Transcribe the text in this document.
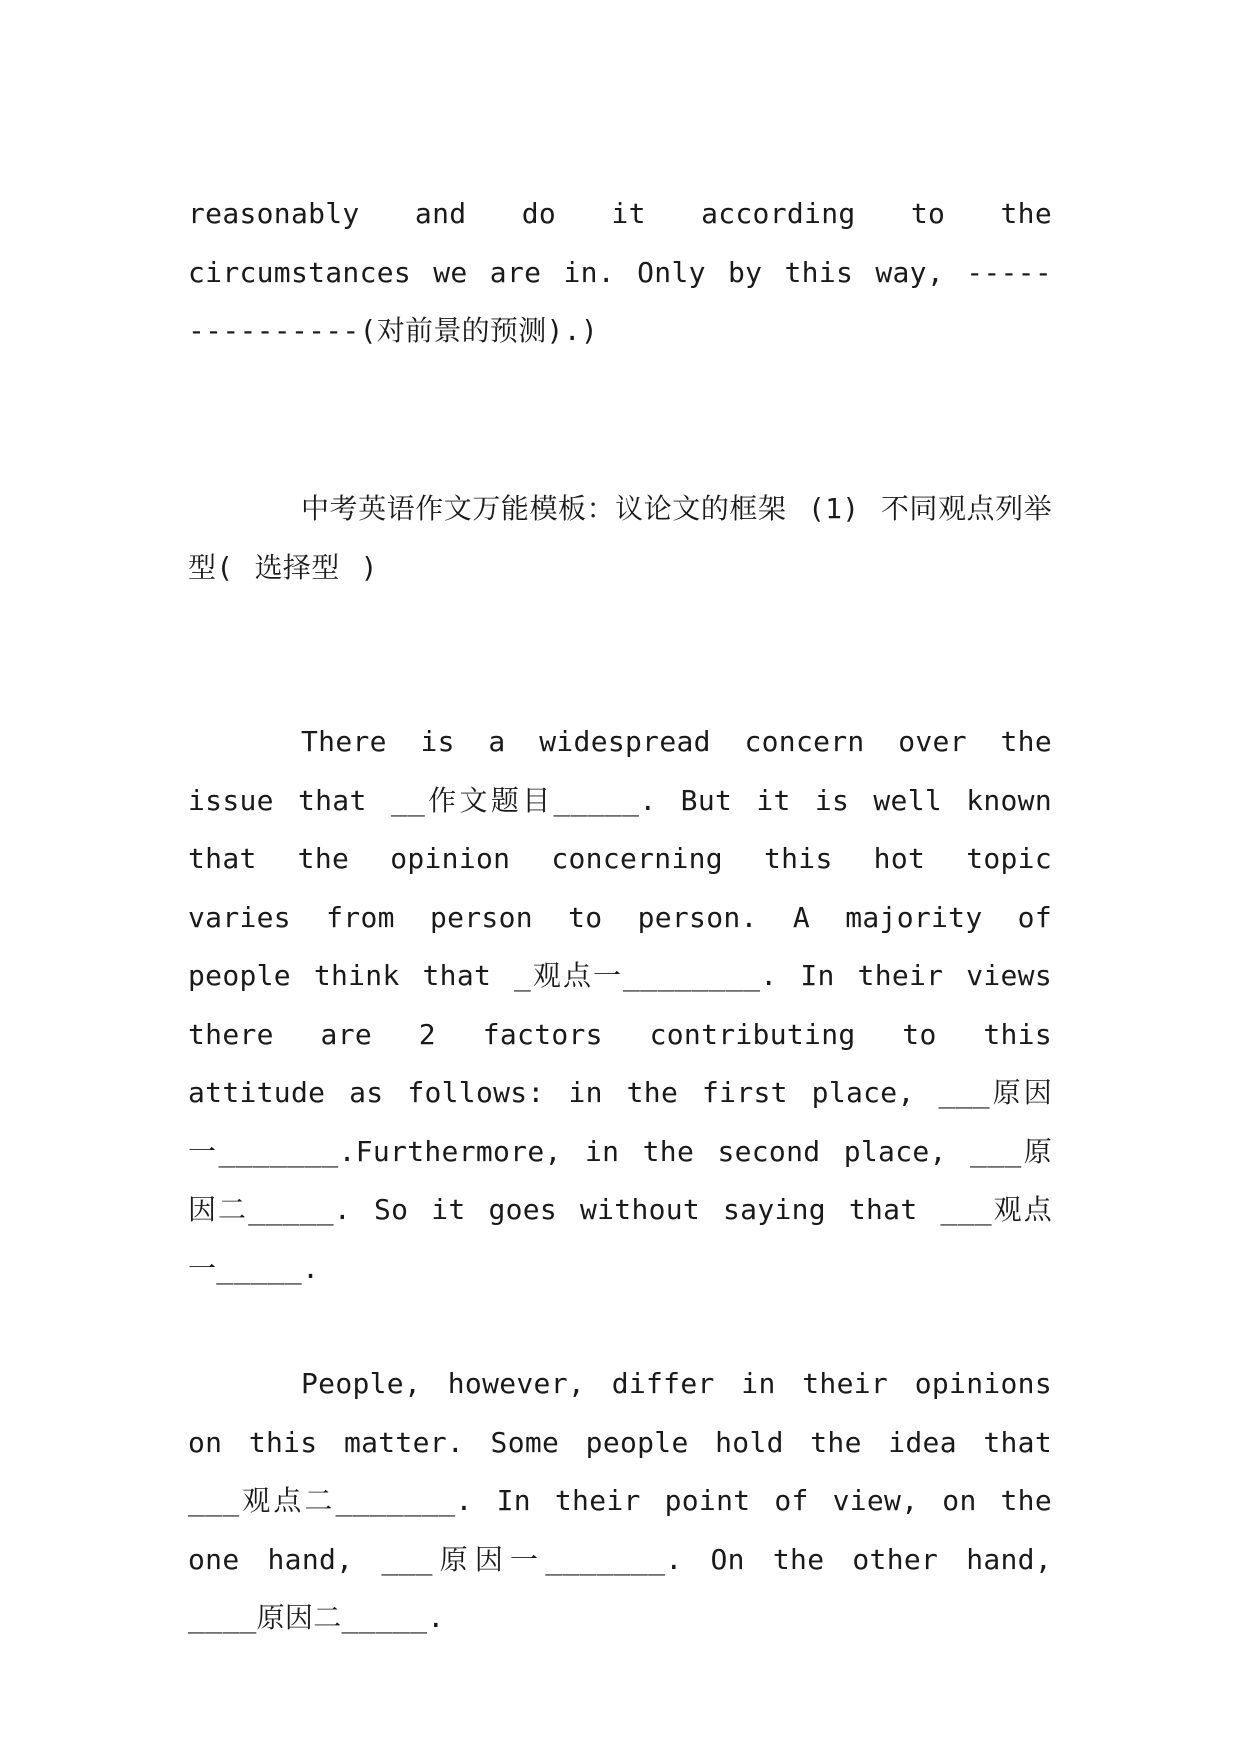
reasonably and do it according to the circumstances we are in. Only by this way, ---------------(对前景的预测).)

中考英语作文万能模板：议论文的框架 (1) 不同观点列举型( 选择型 )

There is a widespread concern over the issue that __作文题目_____. But it is well known that the opinion concerning this hot topic varies from person to person. A majority of people think that _观点一________. In their views there are 2 factors contributing to this attitude as follows: in the first place, ___原因一_______.Furthermore, in the second place, ___原因二_____. So it goes without saying that ___观点一_____.

People, however, differ in their opinions on this matter. Some people hold the idea that ___观点二_______. In their point of view, on the one hand, ___原因一_______. On the other hand, ____原因二_____.
